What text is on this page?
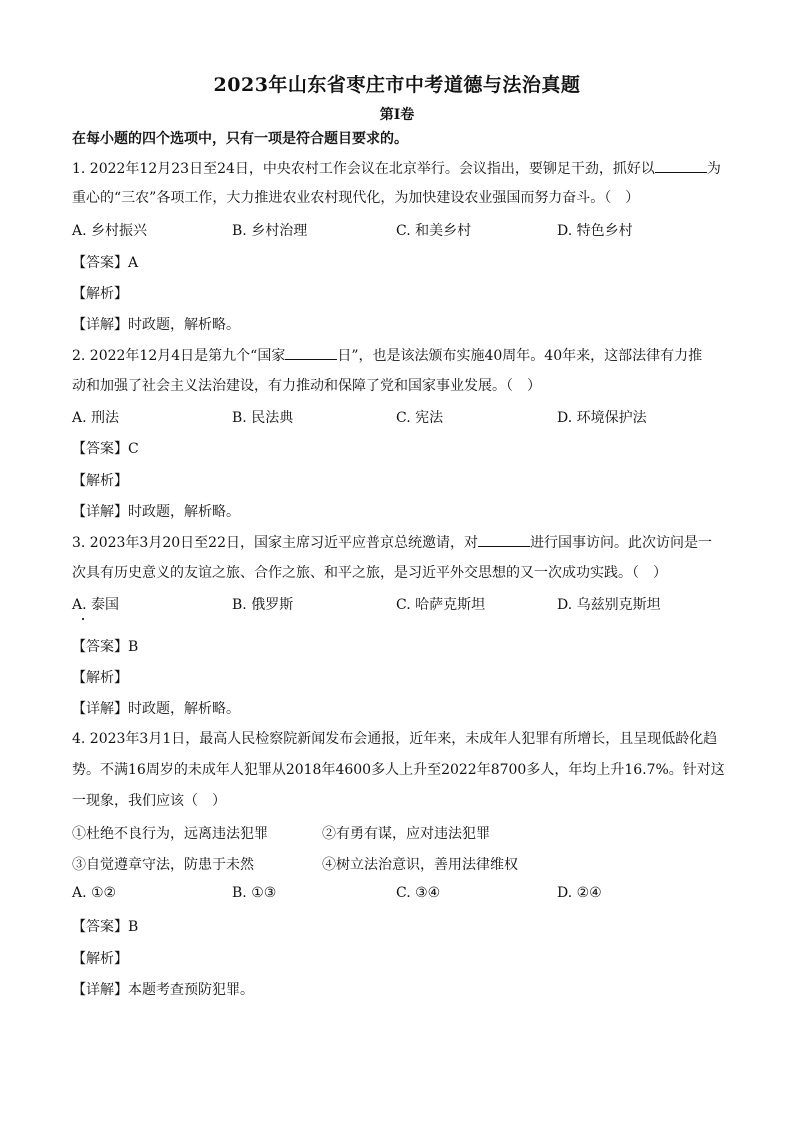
2023年山东省枣庄市中考道德与法治真题
第Ⅰ卷
在每小题的四个选项中，只有一项是符合题目要求的。
1. 2022年12月23日至24日，中央农村工作会议在北京举行。会议指出，要铆足干劲，抓好以	为
重心的“三农”各项工作，大力推进农业农村现代化，为加快建设农业强国而努力奋斗。（　）
A. 乡村振兴	B. 乡村治理	C. 和美乡村	D. 特色乡村
【答案】A
【解析】
【详解】时政题，解析略。
2. 2022年12月4日是第九个“国家	日”，也是该法颁布实施40周年。40年来，这部法律有力推
动和加强了社会主义法治建设，有力推动和保障了党和国家事业发展。（　）
A. 刑法	B. 民法典	C. 宪法	D. 环境保护法
【答案】C
【解析】
【详解】时政题，解析略。
3. 2023年3月20日至22日，国家主席习近平应普京总统邀请，对	进行国事访问。此次访问是一
次具有历史意义的友谊之旅、合作之旅、和平之旅，是习近平外交思想的又一次成功实践。（　）
A. 泰国	B. 俄罗斯	C. 哈萨克斯坦	D. 乌兹别克斯坦
【答案】B
【解析】
【详解】时政题，解析略。
4. 2023年3月1日，最高人民检察院新闻发布会通报，近年来，未成年人犯罪有所增长，且呈现低龄化趋
势。不满16周岁的未成年人犯罪从2018年4600多人上升至2022年8700多人，年均上升16.7%。针对这
一现象，我们应该（　）
①杜绝不良行为，远离违法犯罪	②有勇有谋，应对违法犯罪
③自觉遵章守法，防患于未然	④树立法治意识，善用法律维权
A. ①②	B. ①③	C. ③④	D. ②④
【答案】B
【解析】
【详解】本题考查预防犯罪。
